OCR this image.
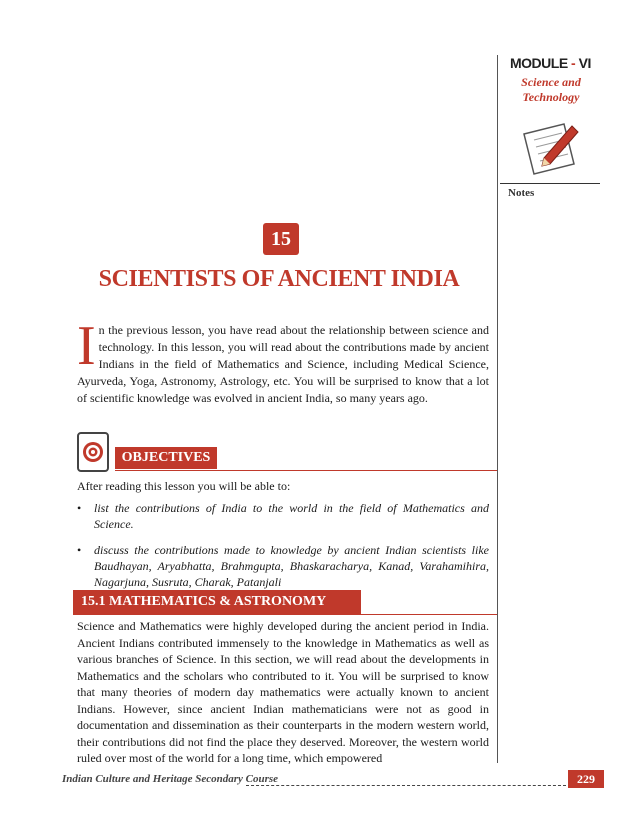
MODULE - VI
Science and
Technology
Notes
15
SCIENTISTS OF ANCIENT INDIA
In the previous lesson, you have read about the relationship between science and technology. In this lesson, you will read about the contributions made by ancient Indians in the field of Mathematics and Science, including Medical Science, Ayurveda, Yoga, Astronomy, Astrology, etc. You will be surprised to know that a lot of scientific knowledge was evolved in ancient India, so many years ago.
OBJECTIVES
After reading this lesson you will be able to:
• list the contributions of India to the world in the field of Mathematics and Science.
• discuss the contributions made to knowledge by ancient Indian scientists like Baudhayan, Aryabhatta, Brahmgupta, Bhaskaracharya, Kanad, Varahamihira, Nagarjuna, Susruta, Charak, Patanjali
15.1 MATHEMATICS & ASTRONOMY
Science and Mathematics were highly developed during the ancient period in India. Ancient Indians contributed immensely to the knowledge in Mathematics as well as various branches of Science. In this section, we will read about the developments in Mathematics and the scholars who contributed to it. You will be surprised to know that many theories of modern day mathematics were actually known to ancient Indians. However, since ancient Indian mathematicians were not as good in documentation and dissemination as their counterparts in the modern western world, their contributions did not find the place they deserved. Moreover, the western world ruled over most of the world for a long time, which empowered
Indian Culture and Heritage Secondary Course	229
